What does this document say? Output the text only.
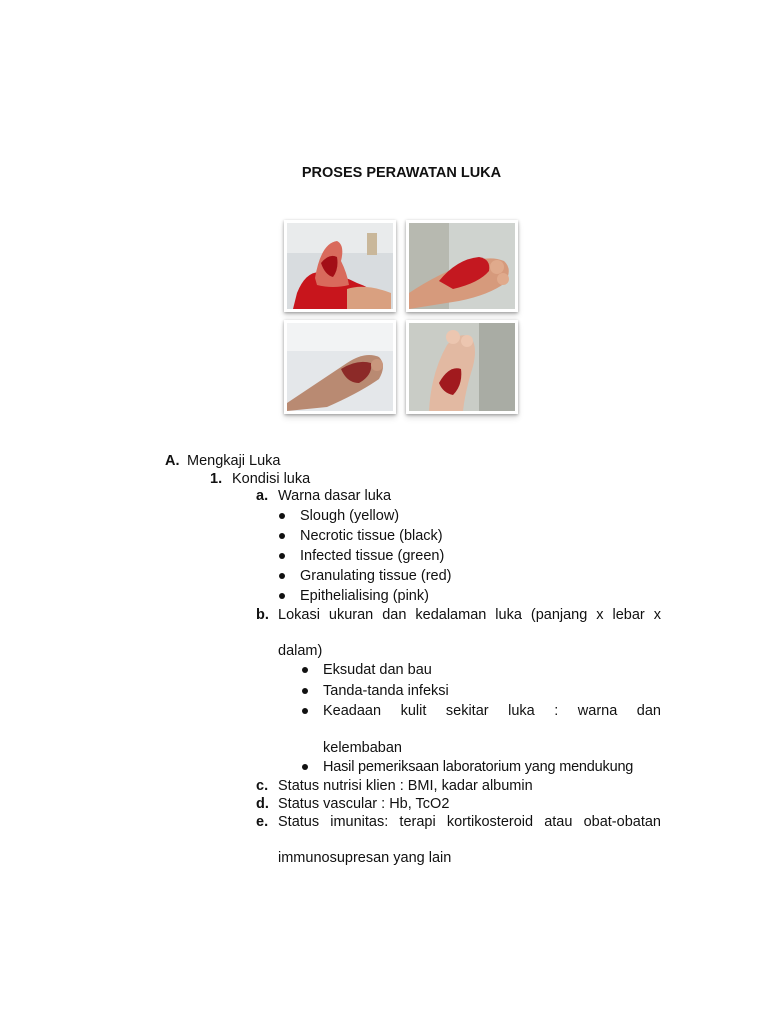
PROSES PERAWATAN LUKA
A. Mengkaji Luka
1. Kondisi luka
a. Warna dasar luka
Slough (yellow)
Necrotic tissue (black)
Infected tissue (green)
Granulating tissue (red)
Epithelialising (pink)
b. Lokasi ukuran dan kedalaman luka (panjang x lebar x
dalam)
Eksudat dan bau
Tanda-tanda infeksi
Keadaan kulit sekitar luka : warna dan
kelembaban
Hasil pemeriksaan laboratorium yang mendukung
c. Status nutrisi klien : BMI, kadar albumin
d. Status vascular : Hb, TcO2
e. Status imunitas: terapi kortikosteroid atau obat-obatan
immunosupresan yang lain
